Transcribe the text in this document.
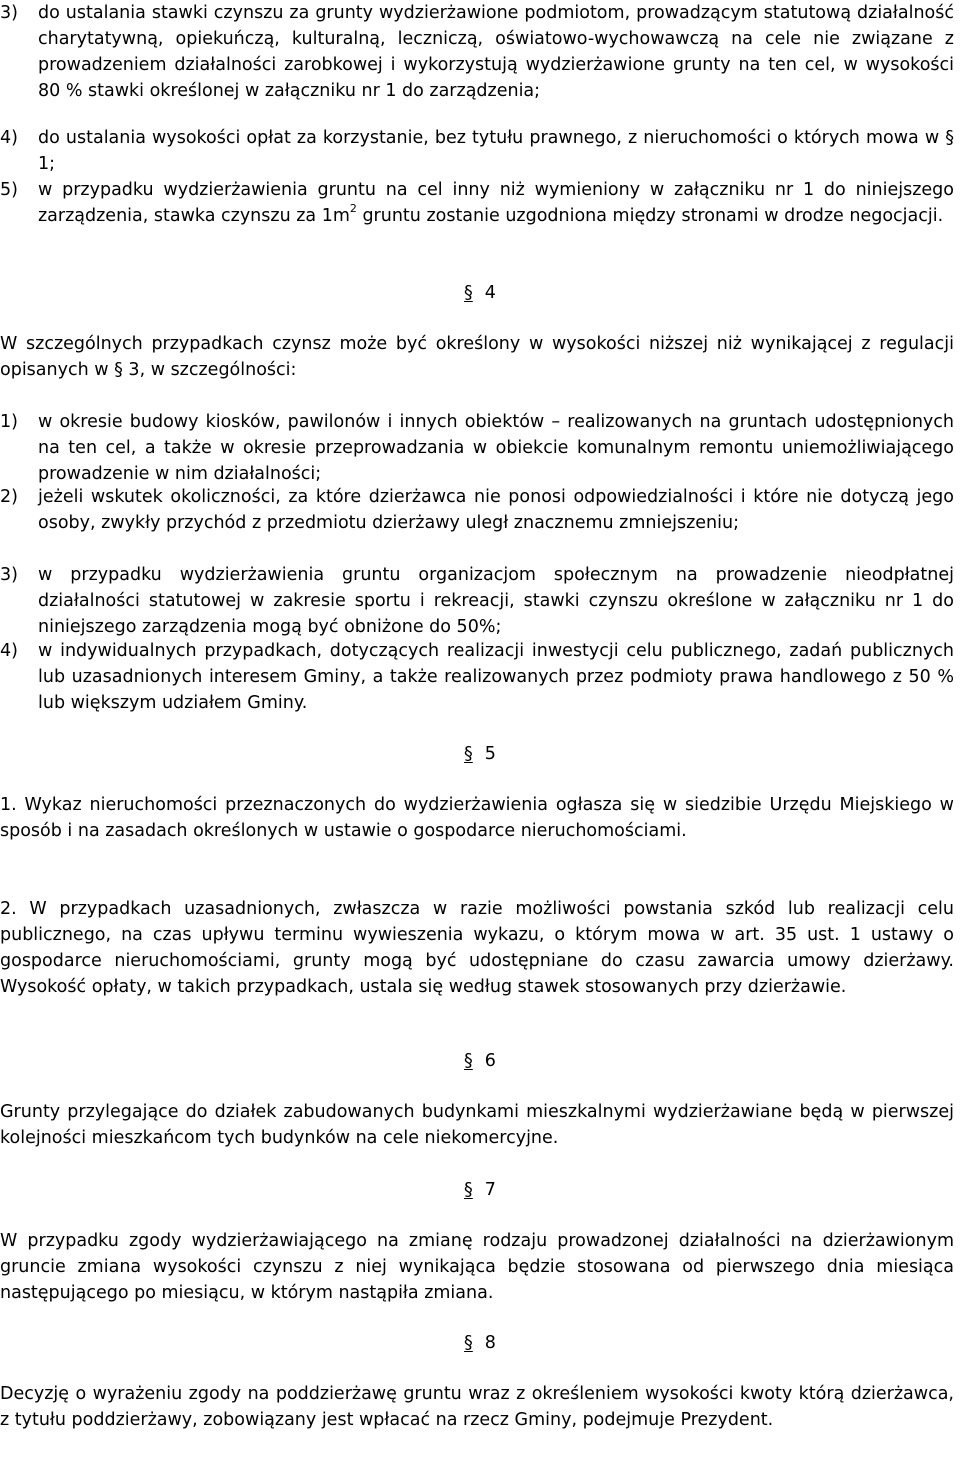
3) do ustalania stawki czynszu za grunty wydzierżawione podmiotom, prowadzącym statutową działalność charytatywną, opiekuńczą, kulturalną, leczniczą, oświatowo-wychowawczą na cele nie związane z prowadzeniem działalności zarobkowej i wykorzystują wydzierżawione grunty na ten cel, w wysokości 80 % stawki określonej w załączniku nr 1 do zarządzenia;
4) do ustalania wysokości opłat za korzystanie, bez tytułu prawnego, z nieruchomości o których mowa w § 1;
5) w przypadku wydzierżawienia gruntu na cel inny niż wymieniony w załączniku nr 1 do niniejszego zarządzenia, stawka czynszu za $1m^2$ gruntu zostanie uzgodniona między stronami w drodze negocjacji.
§ 4
W szczególnych przypadkach czynsz może być określony w wysokości niższej niż wynikającej z regulacji opisanych w § 3, w szczególności:
1) w okresie budowy kiosków, pawilonów i innych obiektów – realizowanych na gruntach udostępnionych na ten cel, a także w okresie przeprowadzania w obiekcie komunalnym remontu uniemożliwiającego prowadzenie w nim działalności;
2) jeżeli wskutek okoliczności, za które dzierżawca nie ponosi odpowiedzialności i które nie dotyczą jego osoby, zwykły przychód z przedmiotu dzierżawy uległ znacznemu zmniejszeniu;
3) w przypadku wydzierżawienia gruntu organizacjom społecznym na prowadzenie nieodpłatnej działalności statutowej w zakresie sportu i rekreacji, stawki czynszu określone w załączniku nr 1 do niniejszego zarządzenia mogą być obniżone do 50%;
4) w indywidualnych przypadkach, dotyczących realizacji inwestycji celu publicznego, zadań publicznych lub uzasadnionych interesem Gminy, a także realizowanych przez podmioty prawa handlowego z 50 % lub większym udziałem Gminy.
§ 5
1. Wykaz nieruchomości przeznaczonych do wydzierżawienia ogłasza się w siedzibie Urzędu Miejskiego w sposób i na zasadach określonych w ustawie o gospodarce nieruchomościami.
2. W przypadkach uzasadnionych, zwłaszcza w razie możliwości powstania szkód lub realizacji celu publicznego, na czas upływu terminu wywieszenia wykazu, o którym mowa w art. 35 ust. 1 ustawy o gospodarce nieruchomościami, grunty mogą być udostępniane do czasu zawarcia umowy dzierżawy. Wysokość opłaty, w takich przypadkach, ustala się według stawek stosowanych przy dzierżawie.
§ 6
Grunty przylegające do działek zabudowanych budynkami mieszkalnymi wydzierżawiane będą w pierwszej kolejności mieszkańcom tych budynków na cele niekomercyjne.
§ 7
W przypadku zgody wydzierżawiającego na zmianę rodzaju prowadzonej działalności na dzierżawionym gruncie zmiana wysokości czynszu z niej wynikająca będzie stosowana od pierwszego dnia miesiąca następującego po miesiącu, w którym nastąpiła zmiana.
§ 8
Decyzję o wyrażeniu zgody na poddzierżawę gruntu wraz z określeniem wysokości kwoty którą dzierżawca, z tytułu poddzierżawy, zobowiązany jest wpłacać na rzecz Gminy, podejmuje Prezydent.
